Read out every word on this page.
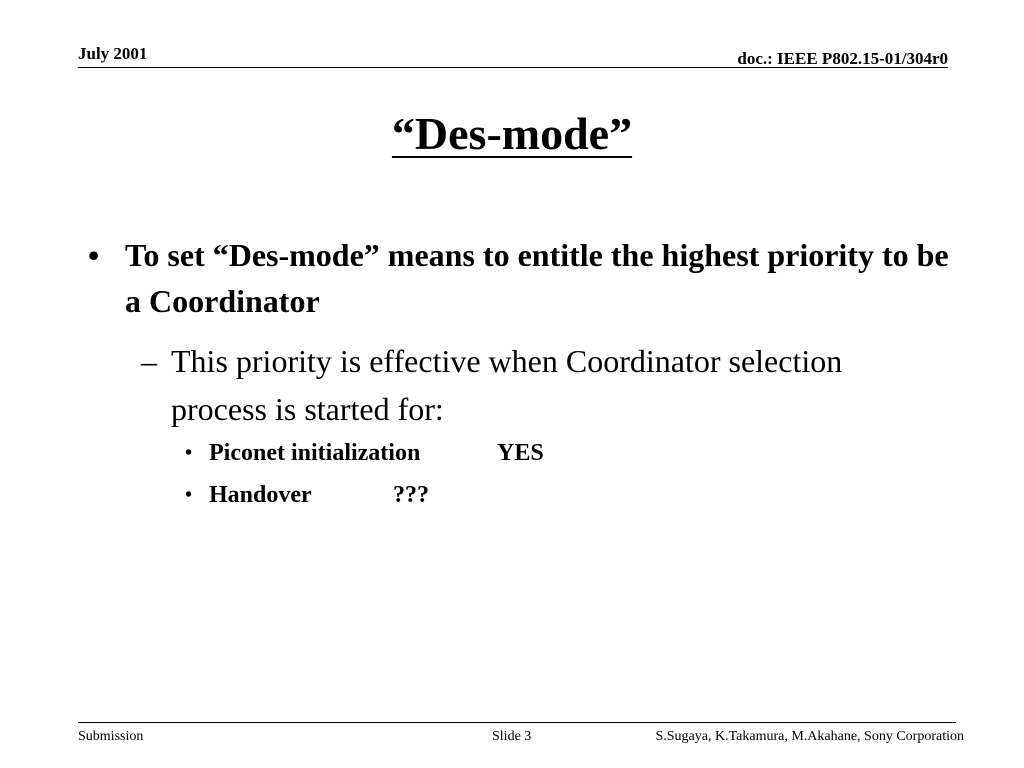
July 2001	doc.: IEEE P802.15-01/304r0
“Des-mode”
• To set “Des-mode” means to entitle the highest priority to be a Coordinator
– This priority is effective when Coordinator selection process is started for:
• Piconet initialization	YES
• Handover	???
Submission	Slide 3	S.Sugaya, K.Takamura, M.Akahane, Sony Corporation
